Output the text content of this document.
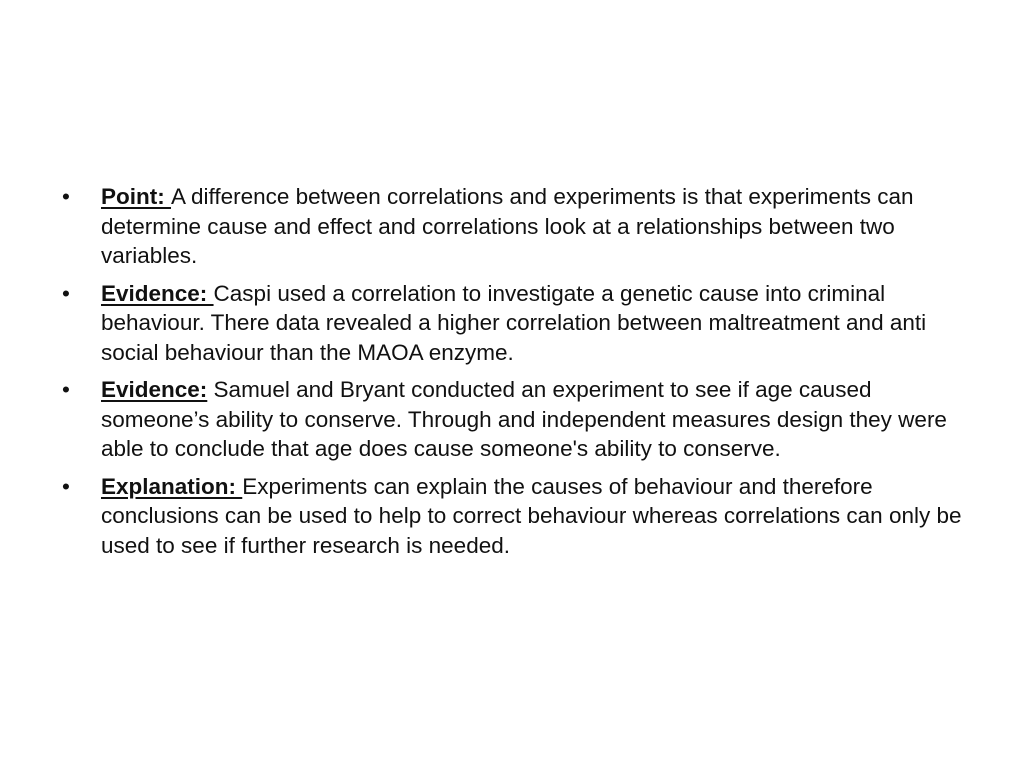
• Point: A difference between correlations and experiments is that experiments can determine cause and effect and correlations look at a relationships between two variables.
• Evidence: Caspi used a correlation to investigate a genetic cause into criminal behaviour. There data revealed a higher correlation between maltreatment and anti social behaviour than the MAOA enzyme.
• Evidence: Samuel and Bryant conducted an experiment to see if age caused someone’s ability to conserve. Through and independent measures design they were able to conclude that age does cause someone's ability to conserve.
• Explanation: Experiments can explain the causes of behaviour and therefore conclusions can be used to help to correct behaviour whereas correlations can only be used to see if further research is needed.
